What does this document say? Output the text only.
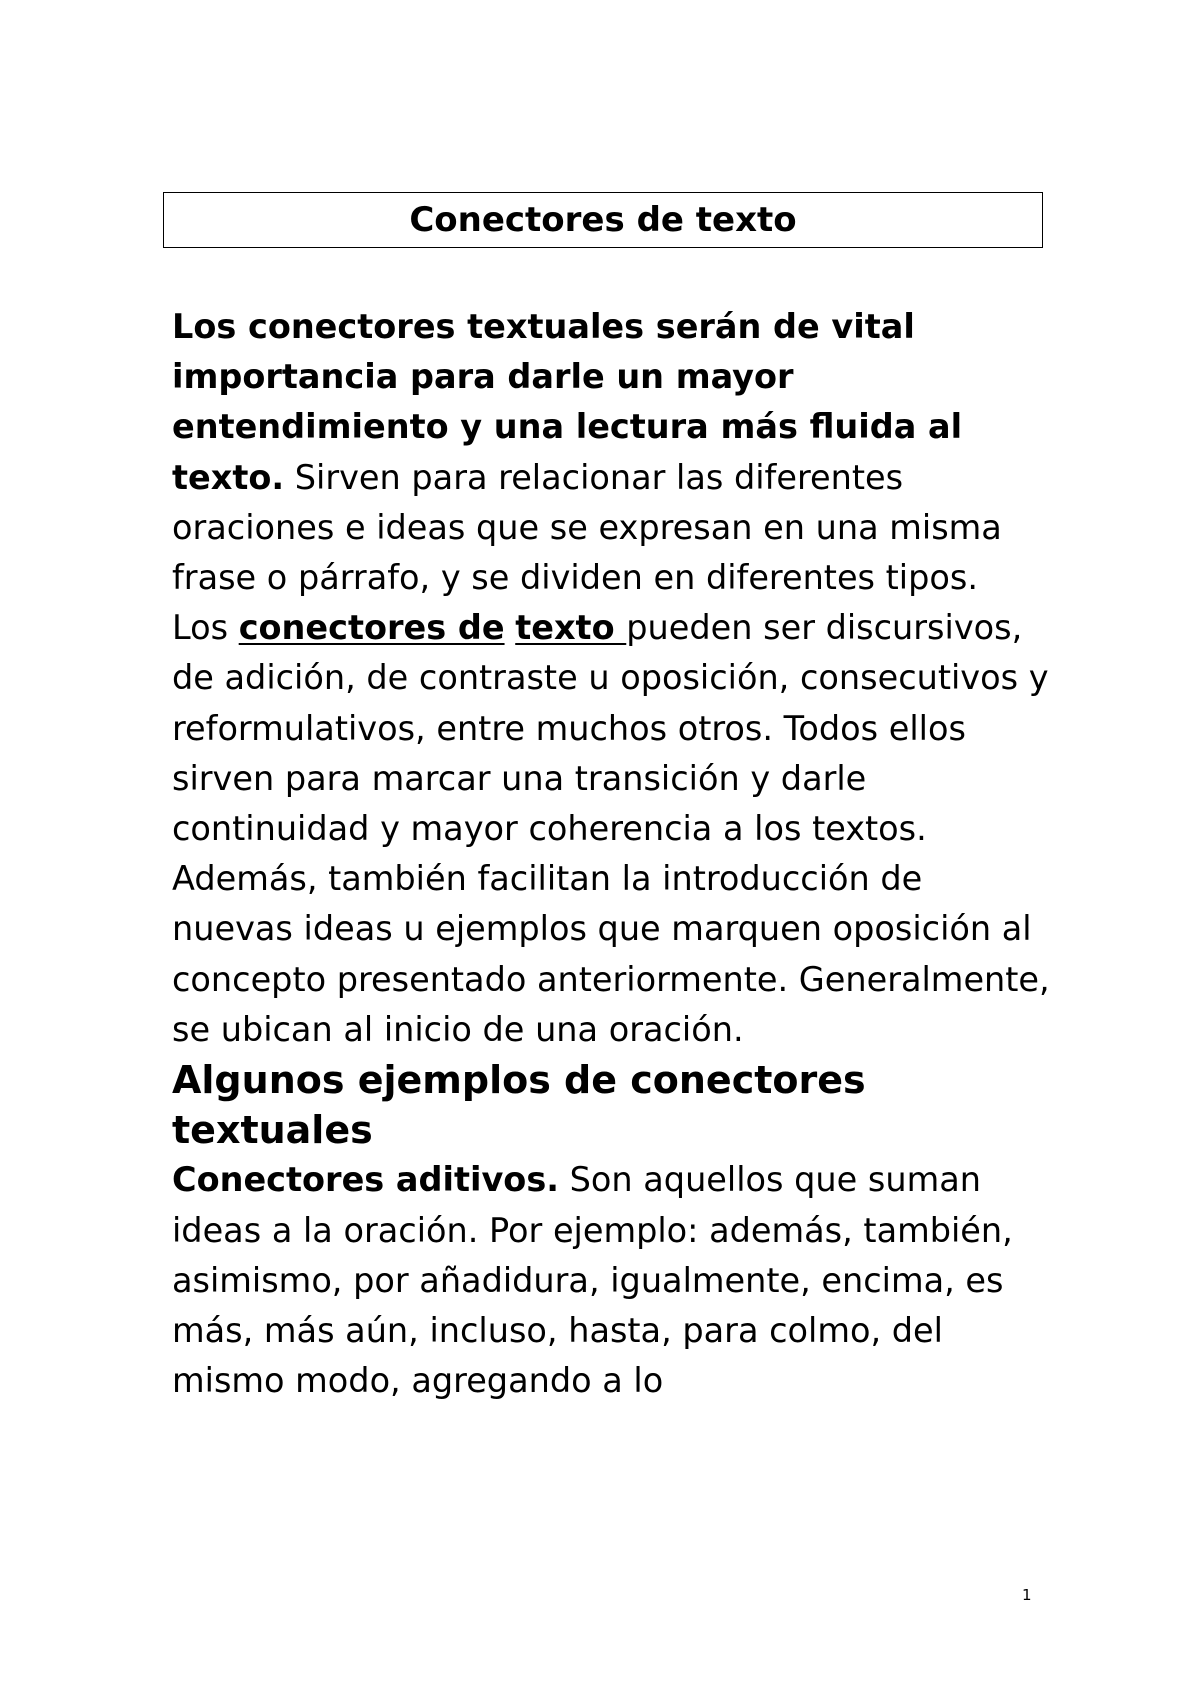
Conectores de texto

Los conectores textuales serán de vital importancia para darle un mayor entendimiento y una lectura más fluida al texto. Sirven para relacionar las diferentes oraciones e ideas que se expresan en una misma frase o párrafo, y se dividen en diferentes tipos.

Los conectores de texto pueden ser discursivos, de adición, de contraste u oposición, consecutivos y reformulativos, entre muchos otros. Todos ellos sirven para marcar una transición y darle continuidad y mayor coherencia a los textos.

Además, también facilitan la introducción de nuevas ideas u ejemplos que marquen oposición al concepto presentado anteriormente. Generalmente, se ubican al inicio de una oración.

Algunos ejemplos de conectores textuales

Conectores aditivos. Son aquellos que suman ideas a la oración. Por ejemplo: además, también, asimismo, por añadidura, igualmente, encima, es más, más aún, incluso, hasta, para colmo, del mismo modo, agregando a lo

1
